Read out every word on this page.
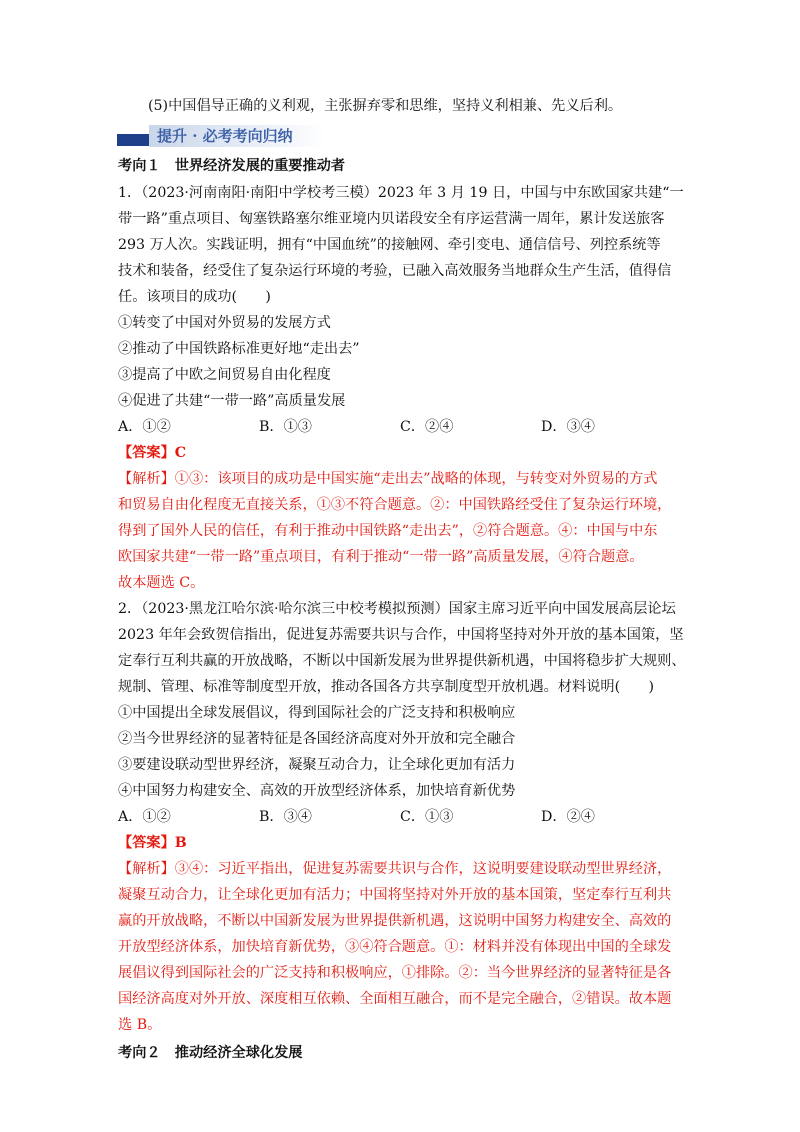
(5)中国倡导正确的义利观，主张摒弃零和思维，坚持义利相兼、先义后利。
提升 · 必考考向归纳
考向１　世界经济发展的重要推动者
1．（2023·河南南阳·南阳中学校考三模）2023 年 3 月 19 日，中国与中东欧国家共建“一
带一路”重点项目、匈塞铁路塞尔维亚境内贝诺段安全有序运营满一周年，累计发送旅客
293 万人次。实践证明，拥有“中国血统”的接触网、牵引变电、通信信号、列控系统等
技术和装备，经受住了复杂运行环境的考验，已融入高效服务当地群众生产生活，值得信
任。该项目的成功(　　)
①转变了中国对外贸易的发展方式
②推动了中国铁路标准更好地“走出去”
③提高了中欧之间贸易自由化程度
④促进了共建“一带一路”高质量发展
A．①②	B．①③	C．②④	D．③④
【答案】C
【解析】①③：该项目的成功是中国实施“走出去”战略的体现，与转变对外贸易的方式
和贸易自由化程度无直接关系，①③不符合题意。②：中国铁路经受住了复杂运行环境，
得到了国外人民的信任，有利于推动中国铁路“走出去”，②符合题意。④：中国与中东
欧国家共建“一带一路”重点项目，有利于推动“一带一路”高质量发展，④符合题意。
故本题选 C。
2．（2023·黑龙江哈尔滨·哈尔滨三中校考模拟预测）国家主席习近平向中国发展高层论坛
2023 年年会致贺信指出，促进复苏需要共识与合作，中国将坚持对外开放的基本国策，坚
定奉行互利共赢的开放战略，不断以中国新发展为世界提供新机遇，中国将稳步扩大规则、
规制、管理、标准等制度型开放，推动各国各方共享制度型开放机遇。材料说明(　　)
①中国提出全球发展倡议，得到国际社会的广泛支持和积极响应
②当今世界经济的显著特征是各国经济高度对外开放和完全融合
③要建设联动型世界经济，凝聚互动合力，让全球化更加有活力
④中国努力构建安全、高效的开放型经济体系，加快培育新优势
A．①②	B．③④	C．①③	D．②④
【答案】B
【解析】③④：习近平指出，促进复苏需要共识与合作，这说明要建设联动型世界经济，
凝聚互动合力，让全球化更加有活力；中国将坚持对外开放的基本国策，坚定奉行互利共
赢的开放战略，不断以中国新发展为世界提供新机遇，这说明中国努力构建安全、高效的
开放型经济体系，加快培育新优势，③④符合题意。①：材料并没有体现出中国的全球发
展倡议得到国际社会的广泛支持和积极响应，①排除。②：当今世界经济的显著特征是各
国经济高度对外开放、深度相互依赖、全面相互融合，而不是完全融合，②错误。故本题
选 B。
考向２　推动经济全球化发展
